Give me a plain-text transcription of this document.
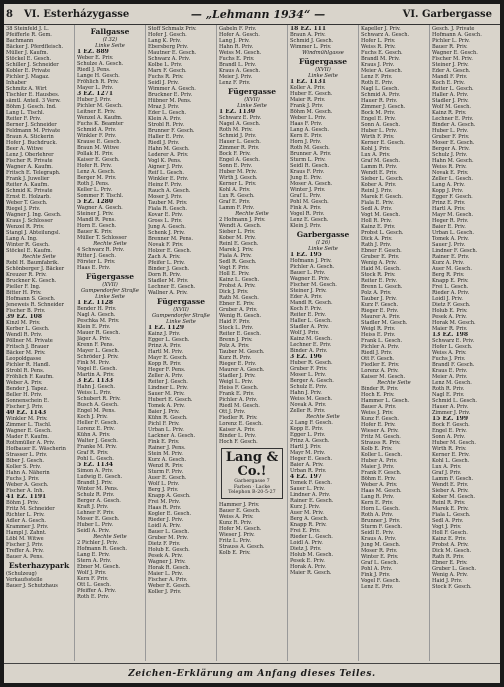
8	VI. Esterházygasse	— „Lehmann 1934“ —	VI. Garbergasse
38 Steinfeld J. L.
Pfeifferle R. Gem.
Bachmann
Bäcker J. Pferdfleisch.
Müller J. Kaufm.
Stöckel E. Gesch.
Schiller J. Schneider
Kobler E. Private
Pichler J. Magaz.
Inhaber
Schmitz A. Wirt
Tischler E. Hausbes.
sämtl. Anteil. 3 Verw.
Böhm J. Gesch. Ind.
Lang L. Tischl.
Reiter F. Priv.
Berner J. Schneider
Feldmann M. Private
Braun A. Stickerin
Hofer J. Buchdruck.
Beer A. Witwe
Lenz J. Oberlehrer
Fischer R. Private
Wagner A. Kaufm.
Fritsch E. Telegraph.
Frank J. Juwelier
Reiter A. Kaufm.
Schmid K. Private
Ernst E. Holzarb.
Weber T. Gesch.
Riegel J. Priv.
Wagner J. Ing. Gesch.
Kraus J. Schlosser
Wenzel R. Priv.
Stangl J. Abteilungsl.
Lang A. Ing.
Winter R. Gesch.
Stöckel E. Kaufm.
Rechte Seite
Rebl H. Baumfabrik.
Schönberger J. Bäcker
Kreuzer R. Priv.
Bruckner K. Gesch.
Pieller F. Ing.
Bitter H. Priv.
Hofmann S. Gesch.
Jeneweis R. Schneider
Fischer B. Priv.
39 EZ. 108
Kinzl M. Priv.
Kerber L. Gesch.
Wendl R. Priv.
Pöllner M. Private
Fritsch J. Brauer
Bäcker M. Priv.
Leopoldgasse
Pichler R. Handl.
Strobl R. Pens.
Fröhlich F. Kaufm.
Weber A. Priv.
Bender J. Tapez.
Beller H. Priv.
Sonnenschein E.
Fischer J. Priv.
40 EZ. 1143
Winkler M. Priv.
Zimmer L. Tischl.
Wagner E. Gesch.
Mader F. Kaufm.
Rothmüller A. Priv.
Hofbauer E. Wäscherin
Strasser L. Priv.
Biber J. Gesch.
Koller S. Priv.
Hahn A. Näherin
Fuchs J. Priv.
Weber A. Gesch.
Fischer A. Inh.
41 EZ. 1191
Böhm J. Priv.
Fritz M. Schneider
Richter L. Priv.
Adler A. Gesch.
Krammer J. Priv.
Hampl J. Zahnt.
Löbl M. Witwe
Fischer J. Priv.
Treffer A. Priv.
Bauer A. Pens.
Esterhazypark
(Schulzeug)
Verkaufsstelle
Bauer J. Schutzhaus
Fallgasse
(I 32)
Linke Seite
1 EZ. 889
Weber E. Priv.
Schulze A. Gesch.
Riedl J. Pens.
Lange H. Gesch.
Fröhlich R. Priv.
Mayer L. Priv.
3 EZ. 1271
Huber J. Priv.
Pichler M. Gesch.
Leitner E. Priv.
Wenzel A. Kaufm.
Fuchs K. Beamter
Schmid A. Priv.
Winkler F. Priv.
Krause E. Gesch.
Braun M. Witwe
Pollak H. Priv.
Kaiser E. Gesch.
Hofer R. Priv.
Lenz A. Gesch.
Berger M. Priv.
Roth J. Pens.
Keller L. Priv.
Sommer F. Tischl.
5 EZ. 1280
Wagner A. Gesch.
Steiner J. Priv.
Mandl R. Pens.
Horn E. Gesch.
Bauer K. Priv.
Müller T. Schlosser
Rechte Seite
4 Schwarz R. Priv.
Ritter J. Gesch.
Förster L. Priv.
Haas E. Priv.
Fügergasse
(XVII)
Gumpendorfer Straße
Linke Seite
1 EZ. 1128
Bender H. Priv.
Nagl A. Gesch.
Peschka M. Priv.
Klein E. Priv.
Mauer R. Gesch.
Jäger A. Priv.
Krenn F. Pens.
Mayer L. Gesch.
Schröder J. Priv.
Fink M. Priv.
Vogel E. Gesch.
Martin A. Priv.
3 EZ. 1133
Hahn J. Gesch.
Weiss L. Priv.
Schubert R. Priv.
Busch A. Gesch.
Engel M. Pens.
Koch J. Priv.
Heller F. Gesch.
Lorenz E. Priv.
Kühn A. Priv.
Walter J. Gesch.
Franke M. Priv.
Graf R. Priv.
Pohl L. Gesch.
5 EZ. 1134
Simon A. Priv.
Ludwig E. Gesch.
Brandt J. Priv.
Winter M. Pens.
Schulz R. Priv.
Berger A. Gesch.
Kraft J. Priv.
Lehner F. Priv.
Moser E. Gesch.
Huber L. Priv.
Seidl A. Priv.
Rechte Seite
2 Pichler J. Priv.
Hofmann R. Gesch.
Lang E. Priv.
Stern A. Priv.
Ebner M. Gesch.
Wolf J. Priv.
Kern F. Priv.
Ott L. Gesch.
Pfeiffer A. Priv.
Roth E. Priv.
Stoff Schmalz Priv.
Hofer J. Gesch.
Lang K. Priv.
Ebersberg Priv.
Mautner E. Gesch.
Schwarz A. Priv.
Kolbe L. Priv.
Marx F. Gesch.
Fuchs R. Priv.
Seidl J. Priv.
Wimmer A. Gesch.
Bruckner E. Priv.
Hübner M. Pens.
Mraz J. Priv.
Eder L. Gesch.
Klein A. Priv.
Strobl R. Priv.
Brunner F. Gesch.
Haller E. Priv.
Riedl J. Priv.
Hahn M. Gesch.
Lederer A. Priv.
Vogl K. Pens.
Aigner J. Priv.
Reif L. Gesch.
Winkler E. Priv.
Heinz F. Priv.
Rauch A. Gesch.
Moser J. Priv.
Tauber M. Priv.
Fiala R. Gesch.
Kovar E. Priv.
Gross L. Priv.
Jung A. Gesch.
Schenk J. Priv.
Brenner M. Pens.
Novak F. Priv.
Holzer E. Gesch.
Zach A. Priv.
Pfeifer L. Priv.
Binder J. Gesch.
Dorn R. Priv.
Stadler M. Priv.
Lechner E. Gesch.
Wallner A. Priv.
Fügergasse
(XVII)
Gumpendorfer Straße
Linke Seite
1 EZ. 1129
Kainz J. Priv.
Egger L. Gesch.
Prinz A. Priv.
Hartl M. Priv.
Mayr E. Gesch.
Kopp R. Priv.
Heger F. Pens.
Zeller A. Priv.
Reiter J. Gesch.
Lindner L. Priv.
Sauer M. Priv.
Hubert E. Gesch.
Tomek A. Priv.
Baier J. Priv.
Kühn R. Gesch.
Pichl F. Priv.
Urban L. Priv.
Lackner A. Gesch.
Fink E. Priv.
Rainer J. Pens.
Stein M. Priv.
Kurz A. Gesch.
Wenzl R. Priv.
Sturm F. Priv.
Auer E. Gesch.
Wolf L. Priv.
Berg J. Priv.
Knapp A. Gesch.
Frei M. Priv.
Haas R. Priv.
Kogler E. Gesch.
Rieder J. Priv.
Loidl A. Priv.
Bauer L. Gesch.
Gruber M. Priv.
Dietz F. Priv.
Holub E. Gesch.
Pesek A. Priv.
Wagner J. Priv.
Horak R. Gesch.
Maier L. Priv.
Fischer A. Priv.
Weber E. Gesch.
Koller J. Priv.
Gabeln F. Priv.
Hofer A. Gesch.
Lang J. Priv.
Hahn R. Priv.
Weiss M. Gesch.
Fuchs E. Priv.
Brandl L. Priv.
Kraus A. Gesch.
Meier J. Priv.
Lenz F. Priv.
Fügergasse
(XVII)
Linke Seite
1 EZ. 1130
Schwarz E. Priv.
Nagel A. Gesch.
Roth M. Priv.
Schmid J. Priv.
Hauer L. Gesch.
Zimmer R. Priv.
Bock F. Priv.
Engel A. Gesch.
Sonn E. Priv.
Huber M. Priv.
Wirth J. Gesch.
Kerner L. Priv.
Kohl A. Priv.
Lux R. Gesch.
Graf E. Priv.
Lamm F. Priv.
Rechte Seite
2 Hofmann J. Priv.
Wendt A. Gesch.
Sieber L. Priv.
Kober M. Priv.
Reinl E. Gesch.
Marek J. Priv.
Fiala A. Priv.
Sedl R. Gesch.
Vogt F. Priv.
Holl E. Priv.
Kainz L. Gesch.
Probst A. Priv.
Dick J. Priv.
Rath M. Gesch.
Ebner E. Priv.
Gruber A. Priv.
Wenig R. Gesch.
Haid F. Priv.
Stock L. Priv.
Reiter E. Gesch.
Brenn J. Priv.
Polz A. Priv.
Tauber M. Gesch.
Kurz R. Priv.
Rieger E. Priv.
Maurer A. Gesch.
Stadler J. Priv.
Weigl L. Priv.
Heiss F. Gesch.
Frank E. Priv.
Pichler A. Priv.
Riedl M. Gesch.
Ott J. Priv.
Fiedler R. Priv.
Lorenz E. Gesch.
Kaiser A. Priv.
Binder L. Priv.
Hoch F. Gesch.
Lang & Co.!
Garbergasse 7
Farben · Lacke
Telephon B-20-5-27
Hammer J. Priv.
Bauer E. Gesch.
Weiss A. Priv.
Kunz R. Priv.
Hofer M. Gesch.
Wieser J. Priv.
Fritz L. Priv.
Strauss A. Gesch.
Kolb E. Priv.
18 EZ. 111
Braun A. Priv.
Schmid J. Gesch.
Wimmer L. Priv.
Windmühlgasse
Fügergasse
(XVII)
Linke Seite
1 EZ. 1131
Koller A. Priv.
Huber E. Gesch.
Maier R. Priv.
Frank J. Priv.
Böhm M. Gesch.
Weber L. Priv.
Haas F. Priv.
Lang A. Gesch.
Kern E. Priv.
Horn J. Priv.
Roth M. Gesch.
Brunner A. Priv.
Sturm L. Priv.
Seidl R. Gesch.
Kraus F. Priv.
Jung E. Priv.
Moser A. Gesch.
Winter J. Priv.
Graf L. Priv.
Pohl M. Gesch.
Fink A. Priv.
Vogel R. Priv.
Lenz E. Gesch.
Klein J. Priv.
Garbergasse
(I 26)
Linke Seite
1 EZ. 195
Hofmann J. Priv.
Pichler A. Gesch.
Bauer L. Priv.
Wagner E. Priv.
Fischer M. Gesch.
Steiner J. Priv.
Eder A. Priv.
Mandl R. Gesch.
Koch F. Priv.
Reiter E. Priv.
Haller L. Gesch.
Stadler A. Priv.
Wolf J. Priv.
Kainz M. Gesch.
Lechner E. Priv.
Binder A. Priv.
3 EZ. 196
Huber R. Gesch.
Gruber F. Priv.
Moser L. Priv.
Berger A. Gesch.
Schulz E. Priv.
Hahn J. Priv.
Weiss M. Gesch.
Novak A. Priv.
Zeller R. Priv.
Rechte Seite
2 Lang F. Gesch.
Kopp E. Priv.
Egger L. Priv.
Prinz A. Gesch.
Hartl J. Priv.
Mayr M. Priv.
Heger E. Gesch.
Baier A. Priv.
Urban R. Priv.
4 EZ. 197
Tomek F. Gesch.
Sauer L. Priv.
Lindner A. Priv.
Rainer E. Gesch.
Kurz J. Priv.
Auer M. Priv.
Berg A. Gesch.
Knapp R. Priv.
Frei E. Priv.
Rieder L. Gesch.
Loidl A. Priv.
Dietz J. Priv.
Holub M. Gesch.
Pesek E. Priv.
Horak A. Priv.
Maier R. Gesch.
Kapeller J. Priv.
Schwarz A. Gesch.
Hofer L. Priv.
Weiss R. Priv.
Fuchs E. Gesch.
Brandl M. Priv.
Kraus J. Priv.
Meier A. Gesch.
Lenz F. Priv.
Roth E. Priv.
Nagl L. Gesch.
Schmid A. Priv.
Hauer R. Priv.
Zimmer J. Gesch.
Bock M. Priv.
Engel E. Priv.
Sonn A. Gesch.
Huber L. Priv.
Wirth F. Priv.
Kerner E. Gesch.
Kohl J. Priv.
Lux A. Priv.
Graf M. Gesch.
Lamm R. Priv.
Wendt E. Priv.
Sieber L. Gesch.
Kober A. Priv.
Reinl J. Priv.
Marek F. Gesch.
Fiala E. Priv.
Sedl A. Priv.
Vogt M. Gesch.
Holl R. Priv.
Kainz E. Priv.
Probst L. Gesch.
Dick A. Priv.
Rath J. Priv.
Ebner F. Gesch.
Gruber E. Priv.
Wenig A. Priv.
Haid M. Gesch.
Stock R. Priv.
Reiter E. Priv.
Brenn L. Gesch.
Polz A. Priv.
Tauber J. Priv.
Kurz F. Gesch.
Rieger E. Priv.
Maurer A. Priv.
Stadler M. Gesch.
Weigl R. Priv.
Heiss E. Priv.
Frank L. Gesch.
Pichler A. Priv.
Riedl J. Priv.
Ott F. Gesch.
Fiedler E. Priv.
Lorenz A. Priv.
Kaiser M. Gesch.
Rechte Seite
Binder R. Priv.
Hoch E. Priv.
Hammer L. Gesch.
Bauer A. Priv.
Weiss J. Priv.
Kunz F. Gesch.
Hofer E. Priv.
Wieser A. Priv.
Fritz M. Gesch.
Strauss R. Priv.
Kolb E. Priv.
Koller L. Gesch.
Huber A. Priv.
Maier J. Priv.
Frank F. Gesch.
Böhm E. Priv.
Weber A. Priv.
Haas M. Gesch.
Lang R. Priv.
Kern E. Priv.
Horn L. Gesch.
Roth A. Priv.
Brunner J. Priv.
Sturm F. Gesch.
Seidl E. Priv.
Kraus A. Priv.
Jung M. Gesch.
Moser R. Priv.
Winter E. Priv.
Graf L. Gesch.
Pohl A. Priv.
Fink J. Priv.
Vogel F. Gesch.
Lenz E. Priv.
Gesch. J. Private
Hofmann A. Gesch.
Pichler L. Priv.
Bauer R. Priv.
Wagner E. Gesch.
Fischer M. Priv.
Steiner J. Priv.
Eder A. Gesch.
Mandl F. Priv.
Koch E. Priv.
Reiter L. Gesch.
Haller A. Priv.
Stadler J. Priv.
Wolf M. Gesch.
Kainz R. Priv.
Lechner E. Priv.
Binder A. Gesch.
Huber L. Priv.
Gruber F. Priv.
Moser E. Gesch.
Berger A. Priv.
Schulz J. Priv.
Hahn M. Gesch.
Weiss R. Priv.
Novak E. Priv.
Zeller L. Gesch.
Lang A. Priv.
Kopp J. Priv.
Egger F. Gesch.
Prinz E. Priv.
Hartl A. Priv.
Mayr M. Gesch.
Heger R. Priv.
Baier E. Priv.
Urban L. Gesch.
Tomek A. Priv.
Sauer J. Priv.
Lindner F. Gesch.
Rainer E. Priv.
Kurz A. Priv.
Auer M. Gesch.
Berg R. Priv.
Knapp E. Priv.
Frei L. Gesch.
Rieder A. Priv.
Loidl J. Priv.
Dietz F. Gesch.
Holub E. Priv.
Pesek A. Priv.
Horak M. Gesch.
Maier R. Priv.
13 EZ. 198
Schwarz E. Priv.
Hofer L. Gesch.
Weiss A. Priv.
Fuchs J. Priv.
Brandl F. Gesch.
Kraus E. Priv.
Meier A. Priv.
Lenz M. Gesch.
Roth R. Priv.
Nagl E. Priv.
Schmid L. Gesch.
Hauer A. Priv.
Zimmer J. Priv.
15 EZ. 199
Bock F. Gesch.
Engel E. Priv.
Sonn A. Priv.
Huber M. Gesch.
Wirth R. Priv.
Kerner E. Priv.
Kohl L. Gesch.
Lux A. Priv.
Graf J. Priv.
Lamm F. Gesch.
Wendt E. Priv.
Sieber A. Priv.
Kober M. Gesch.
Reinl R. Priv.
Marek E. Priv.
Fiala L. Gesch.
Sedl A. Priv.
Vogt J. Priv.
Holl F. Gesch.
Kainz E. Priv.
Probst A. Priv.
Dick M. Gesch.
Rath R. Priv.
Ebner E. Priv.
Gruber L. Gesch.
Wenig A. Priv.
Haid J. Priv.
Stock F. Gesch.
Zeichen-Erklärung am Anfang dieses Teiles.
